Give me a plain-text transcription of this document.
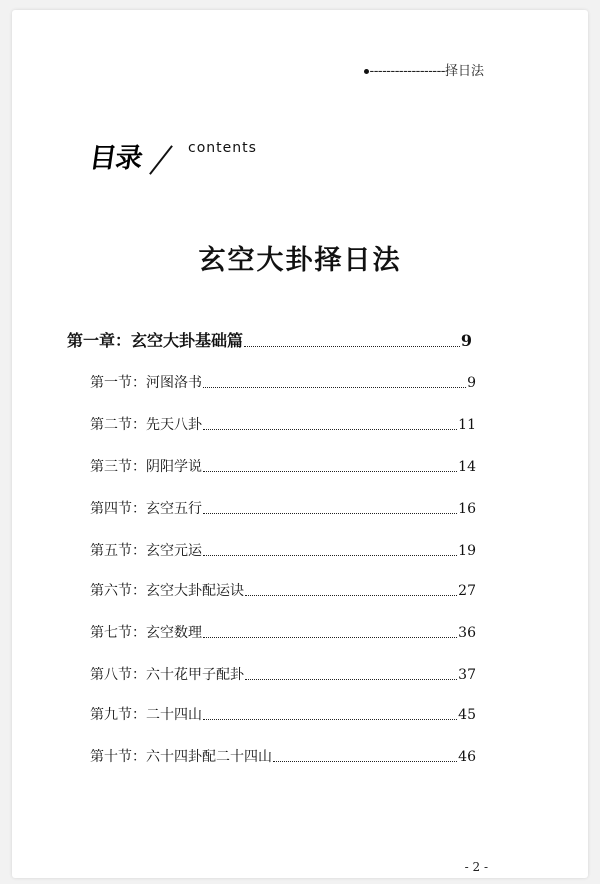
------------------择日法
目录	contents
玄空大卦择日法
第一章：玄空大卦基础篇	9
第一节：河图洛书	9
第二节：先天八卦	11
第三节：阴阳学说	14
第四节：玄空五行	16
第五节：玄空元运	19
第六节：玄空大卦配运诀	27
第七节：玄空数理	36
第八节：六十花甲子配卦	37
第九节：二十四山	45
第十节：六十四卦配二十四山	46
- 2 -
